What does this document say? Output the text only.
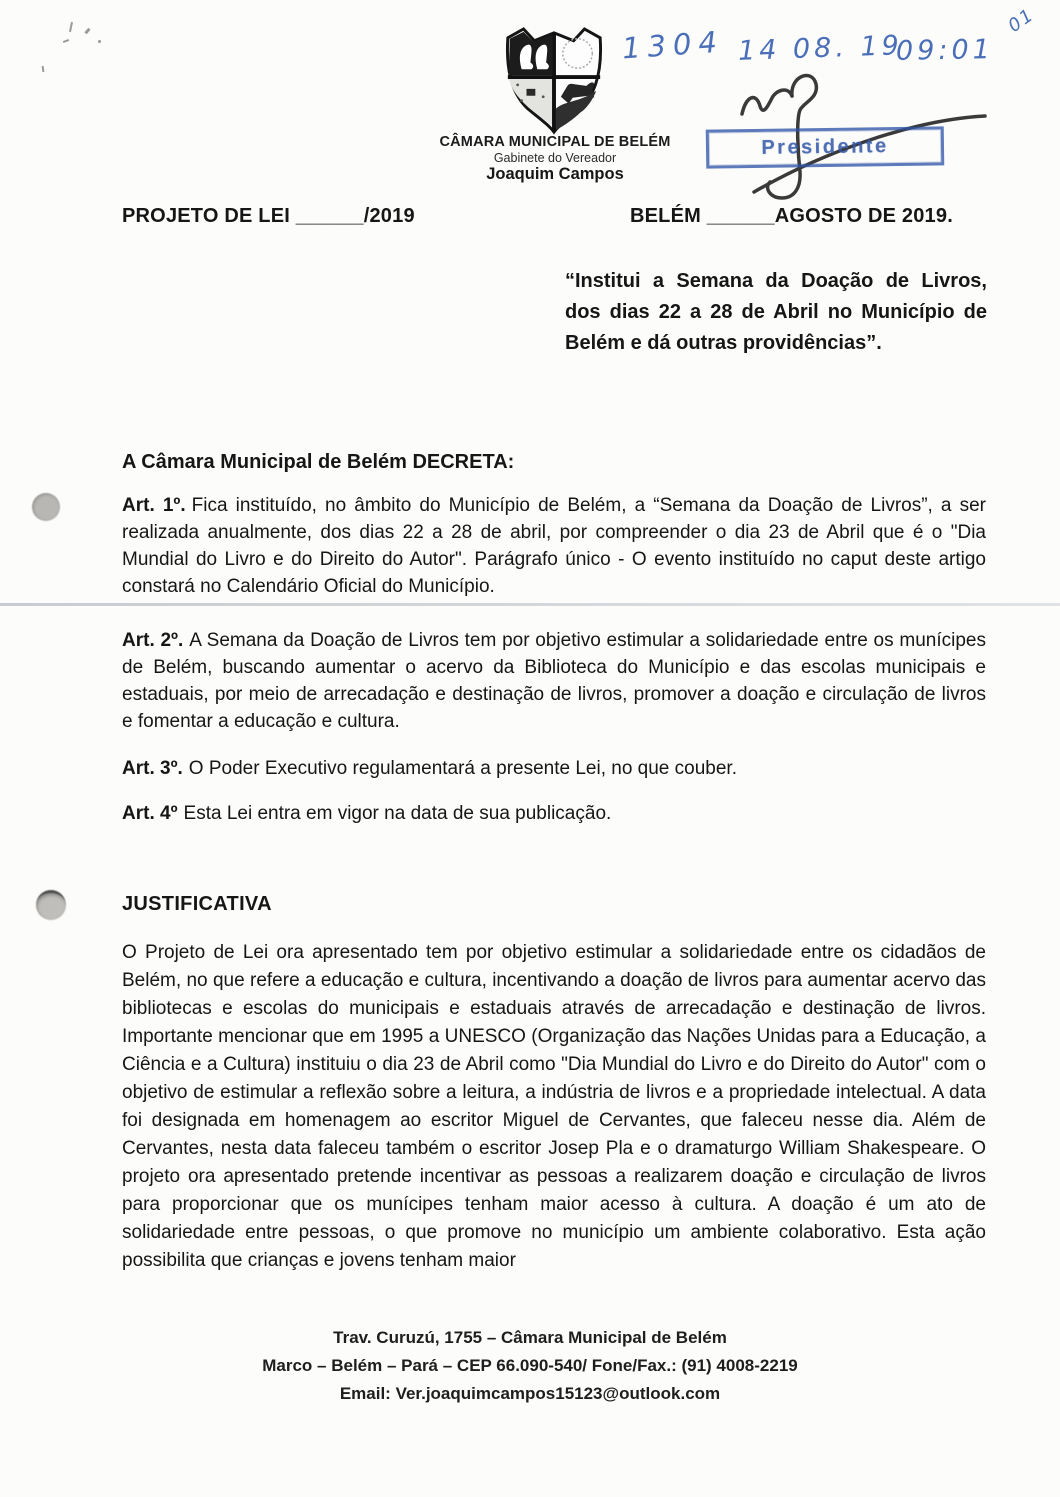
CÂMARA MUNICIPAL DE BELÉM
Gabinete do Vereador
Joaquim Campos
1304 14 08. 19
09:01
01
Presidente
PROJETO DE LEI ______/2019	BELÉM ______AGOSTO DE 2019.
“Institui a Semana da Doação de Livros, dos dias 22 a 28 de Abril no Município de Belém e dá outras providências”.
A Câmara Municipal de Belém DECRETA:

Art. 1º. Fica instituído, no âmbito do Município de Belém, a “Semana da Doação de Livros”, a ser realizada anualmente, dos dias 22 a 28 de abril, por compreender o dia 23 de Abril que é o "Dia Mundial do Livro e do Direito do Autor". Parágrafo único - O evento instituído no caput deste artigo constará no Calendário Oficial do Município.

Art. 2º. A Semana da Doação de Livros tem por objetivo estimular a solidariedade entre os munícipes de Belém, buscando aumentar o acervo da Biblioteca do Município e das escolas municipais e estaduais, por meio de arrecadação e destinação de livros, promover a doação e circulação de livros e fomentar a educação e cultura.

Art. 3º. O Poder Executivo regulamentará a presente Lei, no que couber.

Art. 4º Esta Lei entra em vigor na data de sua publicação.

JUSTIFICATIVA

O Projeto de Lei ora apresentado tem por objetivo estimular a solidariedade entre os cidadãos de Belém, no que refere a educação e cultura, incentivando a doação de livros para aumentar acervo das bibliotecas e escolas do municipais e estaduais através de arrecadação e destinação de livros. Importante mencionar que em 1995 a UNESCO (Organização das Nações Unidas para a Educação, a Ciência e a Cultura) instituiu o dia 23 de Abril como "Dia Mundial do Livro e do Direito do Autor" com o objetivo de estimular a reflexão sobre a leitura, a indústria de livros e a propriedade intelectual. A data foi designada em homenagem ao escritor Miguel de Cervantes, que faleceu nesse dia. Além de Cervantes, nesta data faleceu também o escritor Josep Pla e o dramaturgo William Shakespeare. O projeto ora apresentado pretende incentivar as pessoas a realizarem doação e circulação de livros para proporcionar que os munícipes tenham maior acesso à cultura. A doação é um ato de solidariedade entre pessoas, o que promove no município um ambiente colaborativo. Esta ação possibilita que crianças e jovens tenham maior

Trav. Curuzú, 1755 – Câmara Municipal de Belém
Marco – Belém – Pará – CEP 66.090-540/ Fone/Fax.: (91) 4008-2219
Email: Ver.joaquimcampos15123@outlook.com
